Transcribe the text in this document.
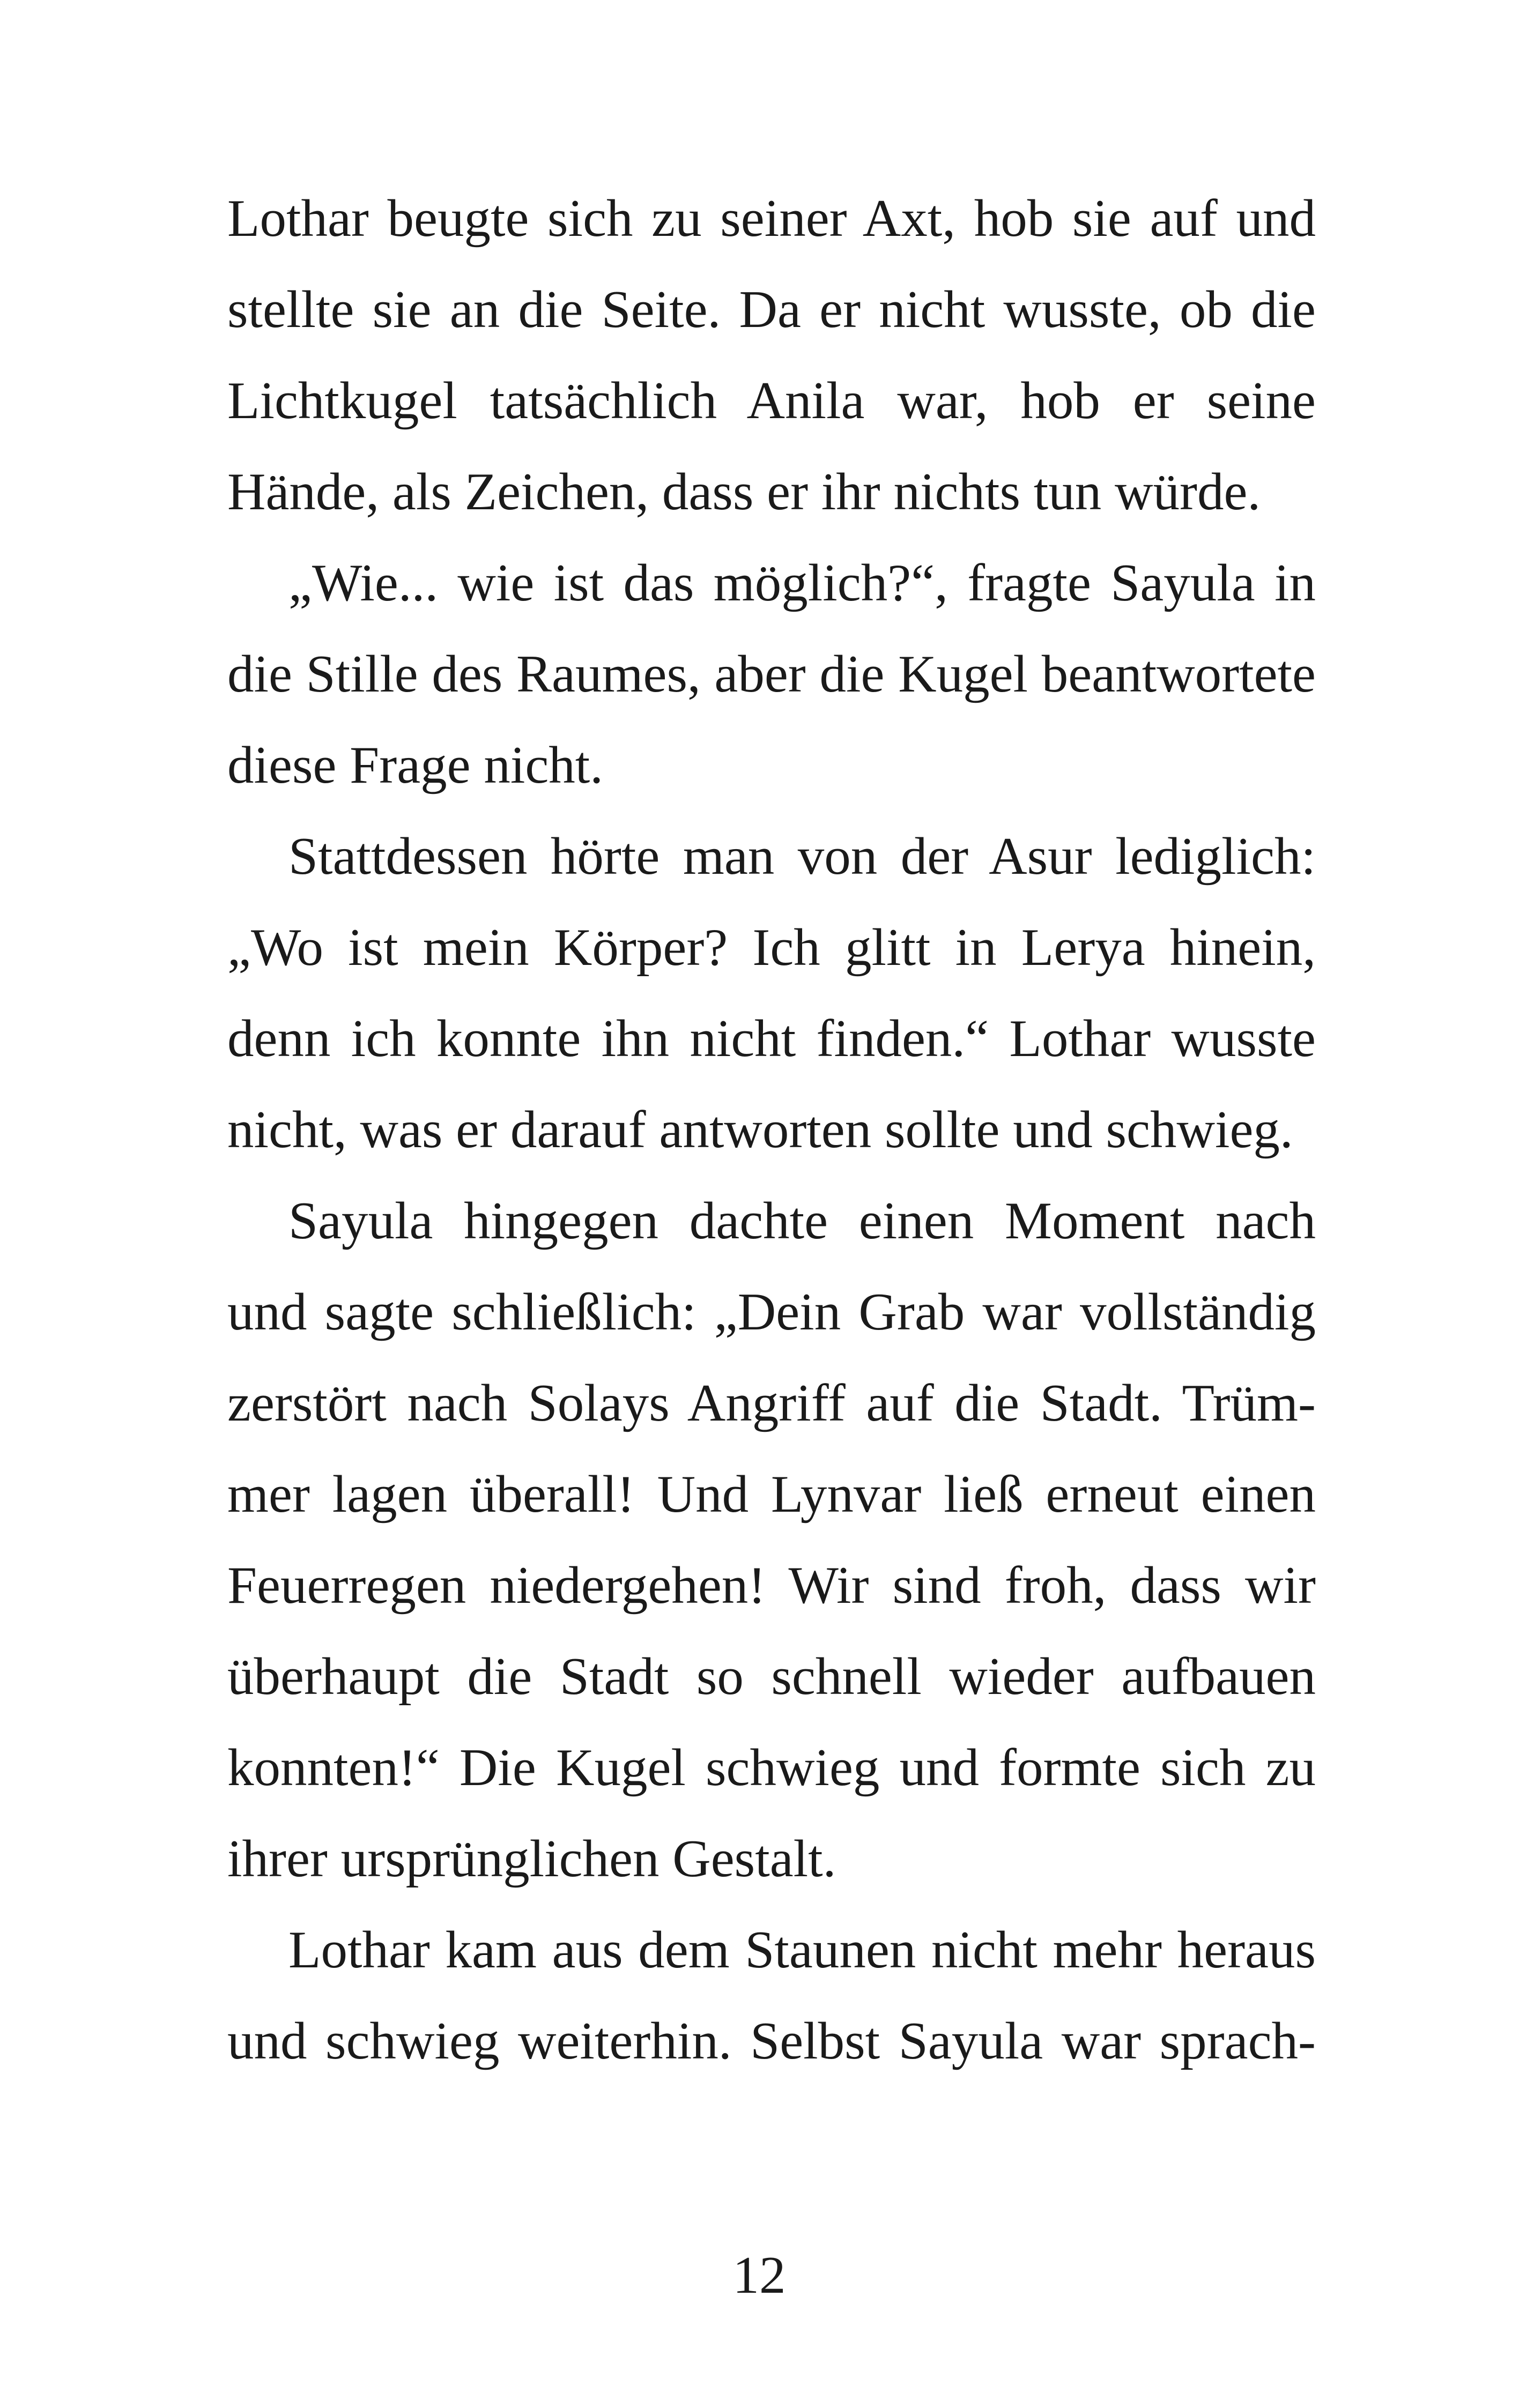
Lothar beugte sich zu seiner Axt, hob sie auf und
stellte sie an die Seite. Da er nicht wusste, ob die
Lichtkugel tatsächlich Anila war, hob er seine
Hände, als Zeichen, dass er ihr nichts tun würde.
„Wie... wie ist das möglich?“, fragte Sayula in
die Stille des Raumes, aber die Kugel beantwortete
diese Frage nicht.
Stattdessen hörte man von der Asur lediglich:
„Wo ist mein Körper? Ich glitt in Lerya hinein,
denn ich konnte ihn nicht finden.“ Lothar wusste
nicht, was er darauf antworten sollte und schwieg.
Sayula hingegen dachte einen Moment nach
und sagte schließlich: „Dein Grab war vollständig
zerstört nach Solays Angriff auf die Stadt. Trüm-
mer lagen überall! Und Lynvar ließ erneut einen
Feuerregen niedergehen! Wir sind froh, dass wir
überhaupt die Stadt so schnell wieder aufbauen
konnten!“ Die Kugel schwieg und formte sich zu
ihrer ursprünglichen Gestalt.
Lothar kam aus dem Staunen nicht mehr heraus
und schwieg weiterhin. Selbst Sayula war sprach-
12
